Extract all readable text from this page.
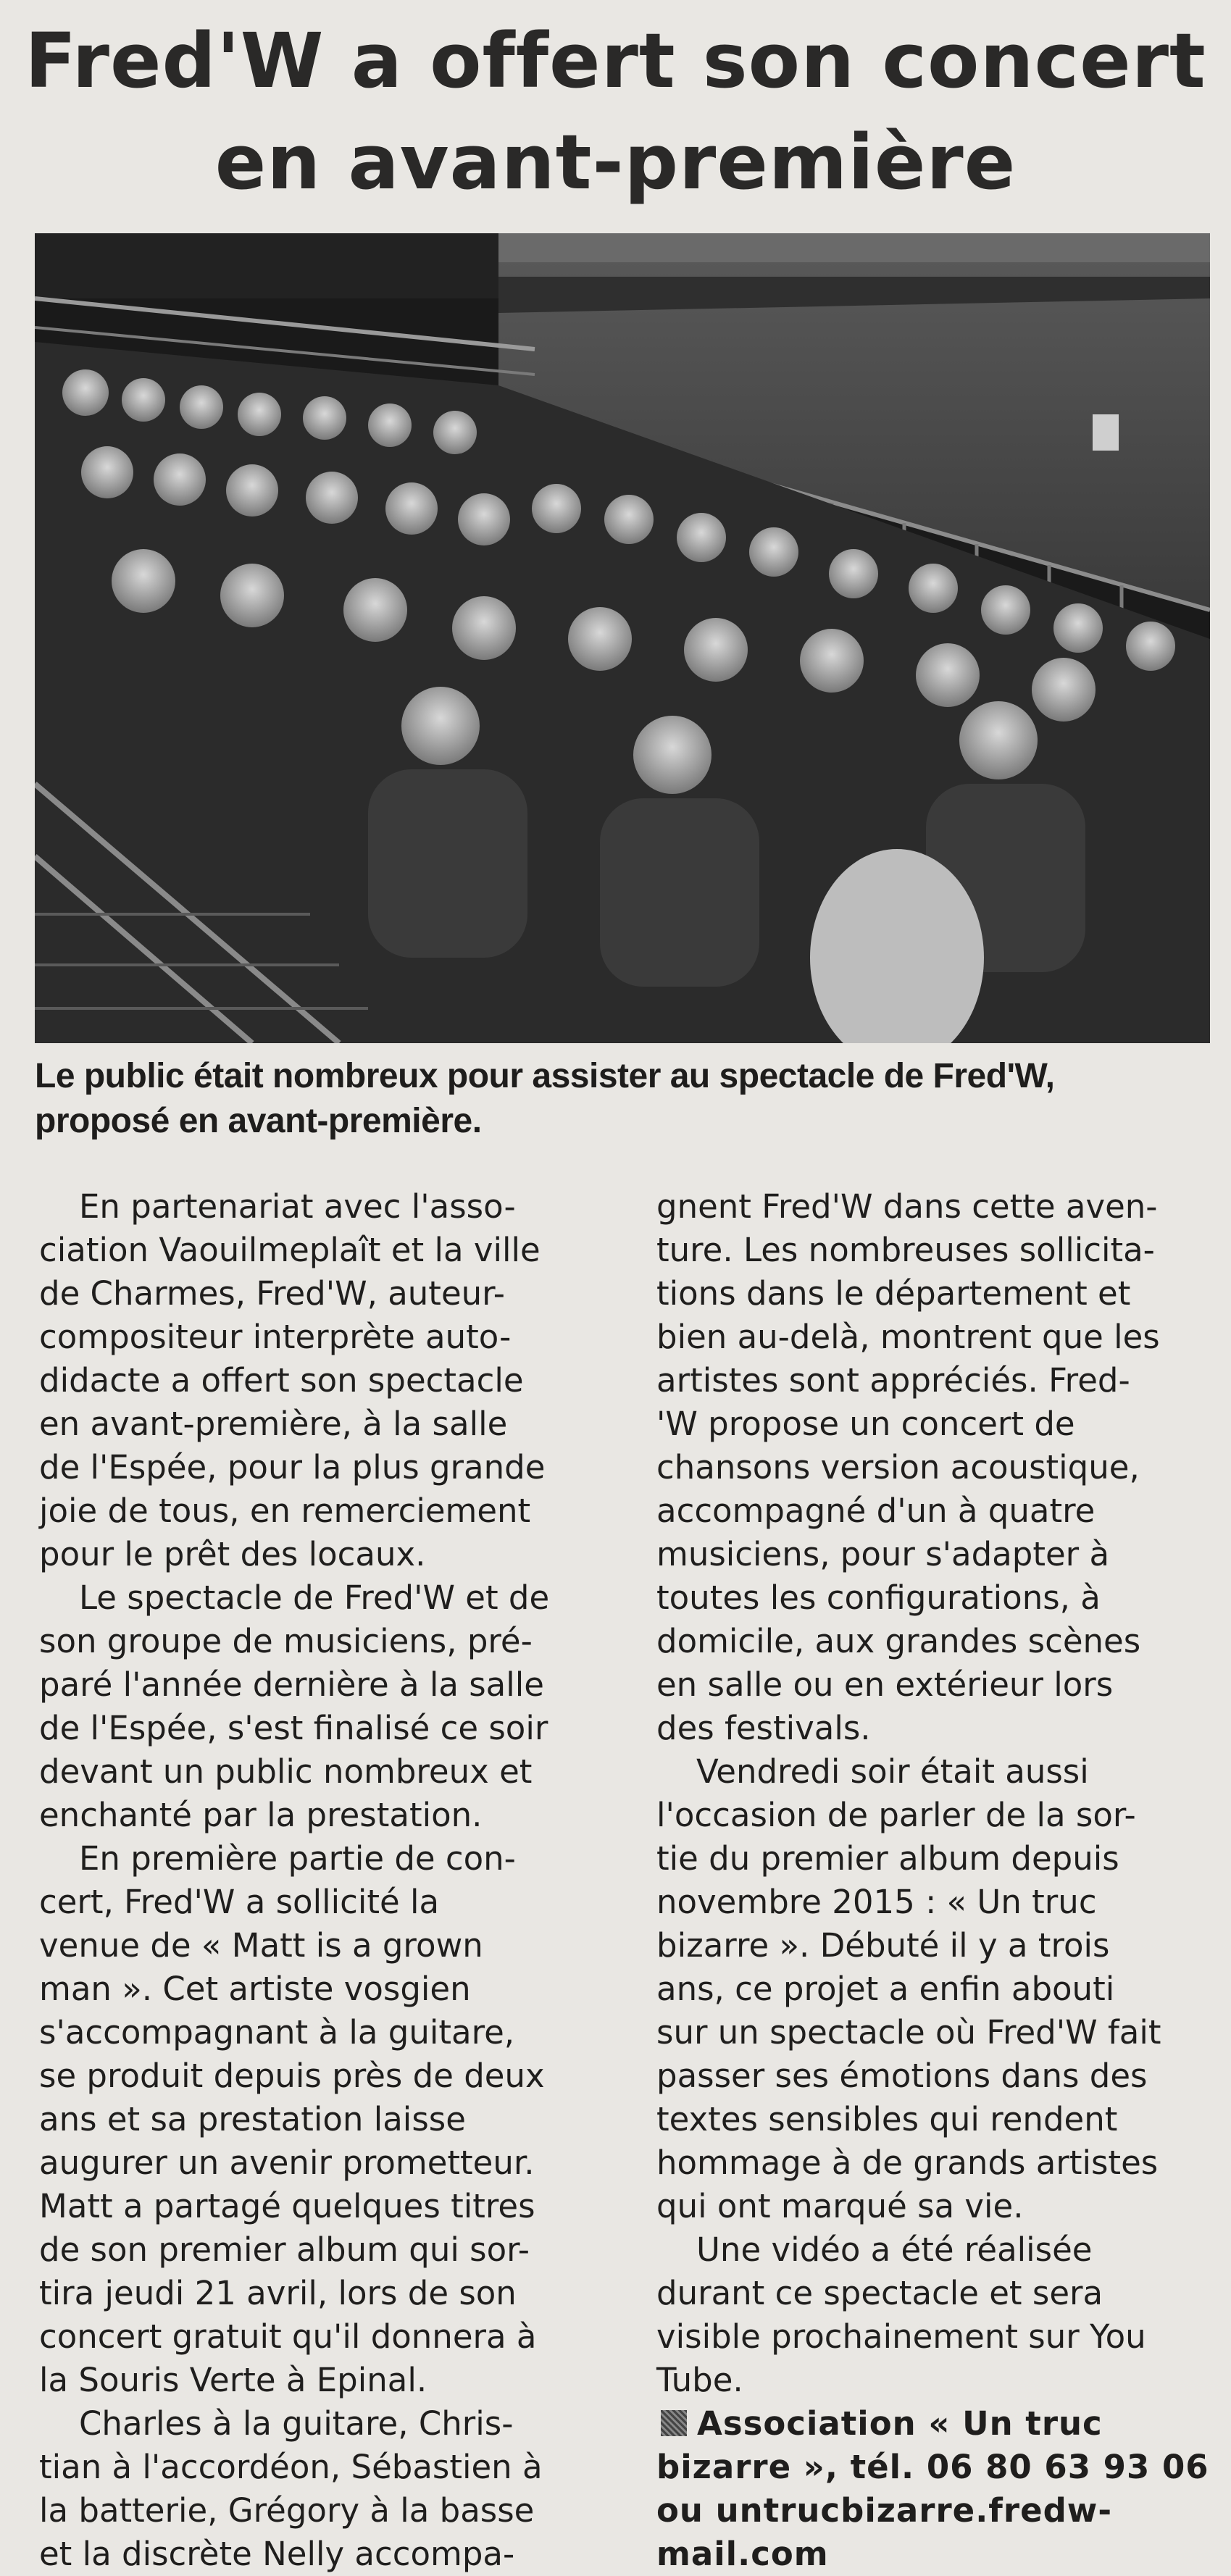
Fred'W a offert son concert
en avant-première
Le public était nombreux pour assister au spectacle de Fred'W,
proposé en avant-première.
En partenariat avec l'asso-
ciation Vaouilmeplaît et la ville
de Charmes, Fred'W, auteur-
compositeur interprète auto-
didacte a offert son spectacle
en avant-première, à la salle
de l'Espée, pour la plus grande
joie de tous, en remerciement
pour le prêt des locaux.
Le spectacle de Fred'W et de
son groupe de musiciens, pré-
paré l'année dernière à la salle
de l'Espée, s'est finalisé ce soir
devant un public nombreux et
enchanté par la prestation.
En première partie de con-
cert, Fred'W a sollicité la
venue de « Matt is a grown
man ». Cet artiste vosgien
s'accompagnant à la guitare,
se produit depuis près de deux
ans et sa prestation laisse
augurer un avenir prometteur.
Matt a partagé quelques titres
de son premier album qui sor-
tira jeudi 21 avril, lors de son
concert gratuit qu'il donnera à
la Souris Verte à Epinal.
Charles à la guitare, Chris-
tian à l'accordéon, Sébastien à
la batterie, Grégory à la basse
et la discrète Nelly accompa-
gnent Fred'W dans cette aven-
ture. Les nombreuses sollicita-
tions dans le département et
bien au-delà, montrent que les
artistes sont appréciés. Fred-
'W propose un concert de
chansons version acoustique,
accompagné d'un à quatre
musiciens, pour s'adapter à
toutes les configurations, à
domicile, aux grandes scènes
en salle ou en extérieur lors
des festivals.
Vendredi soir était aussi
l'occasion de parler de la sor-
tie du premier album depuis
novembre 2015 : « Un truc
bizarre ». Débuté il y a trois
ans, ce projet a enfin abouti
sur un spectacle où Fred'W fait
passer ses émotions dans des
textes sensibles qui rendent
hommage à de grands artistes
qui ont marqué sa vie.
Une vidéo a été réalisée
durant ce spectacle et sera
visible prochainement sur You
Tube.
Association « Un truc
bizarre », tél. 06 80 63 93 06
ou untrucbizarre.fredw-
mail.com
